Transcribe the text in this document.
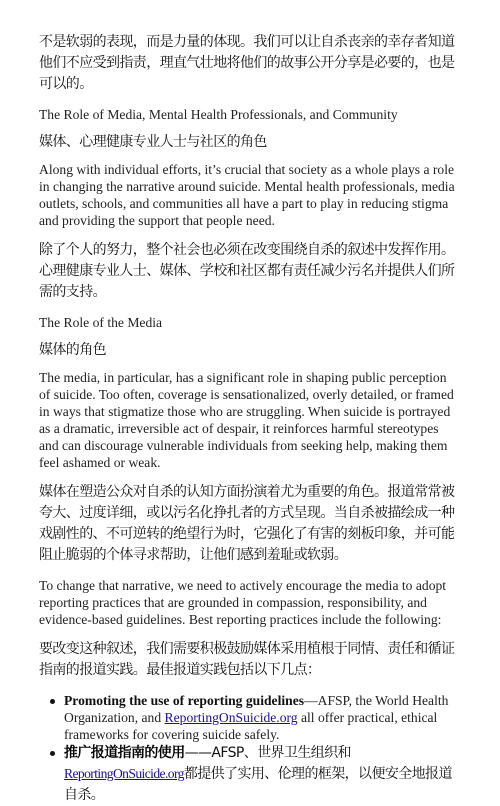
不是软弱的表现，而是力量的体现。我们可以让自杀丧亲的幸存者知道他们不应受到指责，理直气壮地将他们的故事公开分享是必要的，也是可以的。

The Role of Media, Mental Health Professionals, and Community

媒体、心理健康专业人士与社区的角色

Along with individual efforts, it’s crucial that society as a whole plays a role in changing the narrative around suicide. Mental health professionals, media outlets, schools, and communities all have a part to play in reducing stigma and providing the support that people need.

除了个人的努力，整个社会也必须在改变围绕自杀的叙述中发挥作用。心理健康专业人士、媒体、学校和社区都有责任减少污名并提供人们所需的支持。

The Role of the Media

媒体的角色

The media, in particular, has a significant role in shaping public perception of suicide. Too often, coverage is sensationalized, overly detailed, or framed in ways that stigmatize those who are struggling. When suicide is portrayed as a dramatic, irreversible act of despair, it reinforces harmful stereotypes and can discourage vulnerable individuals from seeking help, making them feel ashamed or weak.

媒体在塑造公众对自杀的认知方面扮演着尤为重要的角色。报道常常被夸大、过度详细，或以污名化挣扎者的方式呈现。当自杀被描绘成一种戏剧性的、不可逆转的绝望行为时，它强化了有害的刻板印象，并可能阻止脆弱的个体寻求帮助，让他们感到羞耻或软弱。

To change that narrative, we need to actively encourage the media to adopt reporting practices that are grounded in compassion, responsibility, and evidence-based guidelines. Best reporting practices include the following:

要改变这种叙述，我们需要积极鼓励媒体采用植根于同情、责任和循证指南的报道实践。最佳报道实践包括以下几点：

Promoting the use of reporting guidelines—AFSP, the World Health Organization, and ReportingOnSuicide.org all offer practical, ethical frameworks for covering suicide safely.
推广报道指南的使用——AFSP、世界卫生组织和ReportingOnSuicide.org都提供了实用、伦理的框架，以便安全地报道自杀。
